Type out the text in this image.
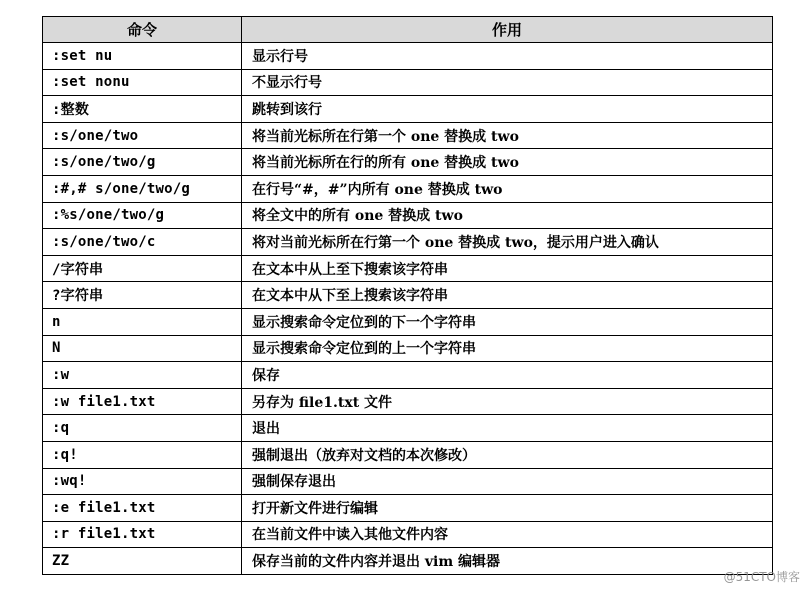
命令	作用
:set nu	显示行号
:set nonu	不显示行号
:整数	跳转到该行
:s/one/two	将当前光标所在行第一个 one 替换成 two
:s/one/two/g	将当前光标所在行的所有 one 替换成 two
:#,# s/one/two/g	在行号“#，#”内所有 one 替换成 two
:%s/one/two/g	将全文中的所有 one 替换成 two
:s/one/two/c	将对当前光标所在行第一个 one 替换成 two，提示用户进入确认
/字符串	在文本中从上至下搜索该字符串
?字符串	在文本中从下至上搜索该字符串
n	显示搜索命令定位到的下一个字符串
N	显示搜索命令定位到的上一个字符串
:w	保存
:w file1.txt	另存为 file1.txt 文件
:q	退出
:q!	强制退出（放弃对文档的本次修改）
:wq!	强制保存退出
:e file1.txt	打开新文件进行编辑
:r file1.txt	在当前文件中读入其他文件内容
ZZ	保存当前的文件内容并退出 vim 编辑器
@51CTO博客
